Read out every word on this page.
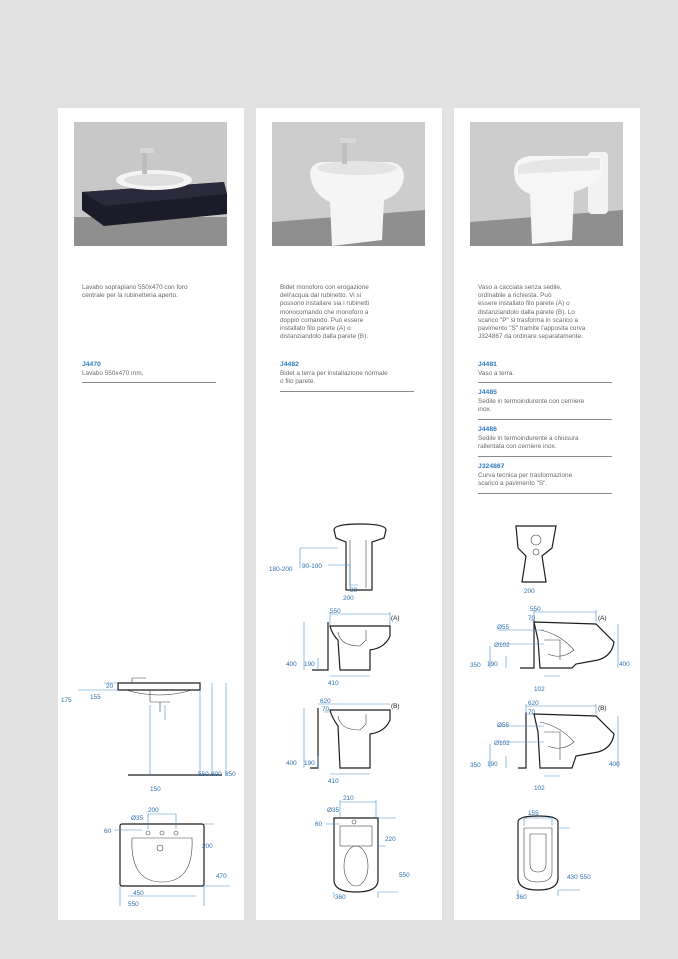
Lavabo soprapiano 550x470 con foro
centrale per la rubinetteria aperto.
J4470
Lavabo 550x470 mm.
Bidet monoforo con erogazione
dell'acqua dal rubinetto. Vi si
possono installare sia i rubinetti
monocomando che monoforo a
doppio comando. Può essere
installato filo parete (A) o
distanziandolo dalla parete (B).
J4482
Bidet a terra per installazione normale
o filo parete.
Vaso a cacciata senza sedile,
ordinabile a richiesta. Può
essere installato filo parete (A) o
distanziandolo dalla parete (B). Lo
scarico "P" si trasforma in scarico a
pavimento "S" tramite l'apposita curva
J324867 da ordinare separatamente.
J4481
Vaso a terra.
J4485
Sedile in termoindurente con cerniere
inox.
J4486
Sedile in termoindurente a chiusura
rallentata con cerniere inox.
J324867
Curva tecnica per trasformazione
scarico a pavimento "S".
20
155
175
150
550 600 850
200
Ø35
60
200
470
450
550
180-200 90-100
80
200
(A)
550
400 190
410
(B)
620
70
400 190
410
210
Ø35
60
220
550
360
200
(A)
550
70
Ø55
Ø102
350 190	400
102
(B)
620
70
Ø55
Ø102
350 190	400
102
155
430 550
360
